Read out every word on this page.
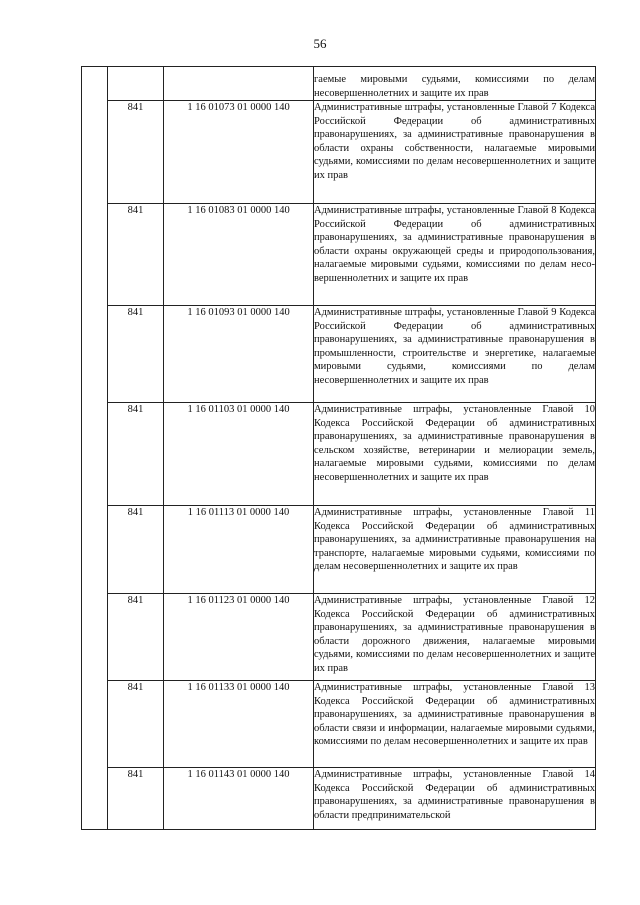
56
			гаемые мировыми судьями, комиссиями по делам несовершеннолетних и защите их прав
	841	1 16 01073 01 0000 140	Административные штрафы, установленные Главой 7 Кодекса Российской Федерации об административных правонарушениях, за административные правонарушения в области охраны собственности, налагаемые мировыми судьями, комиссиями по делам несовершеннолетних и защите их прав
	841	1 16 01083 01 0000 140	Административные штрафы, установленные Главой 8 Кодекса Российской Федерации об административных правонарушениях, за административные правонарушения в области охраны окружающей среды и природопользования, налагаемые мировыми судьями, комиссиями по делам несовершеннолетних и защите их прав
	841	1 16 01093 01 0000 140	Административные штрафы, установленные Главой 9 Кодекса Российской Федерации об административных правонарушениях, за административные правонарушения в промышленности, строительстве и энергетике, налагаемые мировыми судьями, комиссиями по делам несовершеннолетних и защите их прав
	841	1 16 01103 01 0000 140	Административные штрафы, установленные Главой 10 Кодекса Российской Федерации об административных правонарушениях, за административные правонарушения в сельском хозяйстве, ветеринарии и мелиорации земель, налагаемые мировыми судьями, комиссиями по делам несовершеннолетних и защите их прав
	841	1 16 01113 01 0000 140	Административные штрафы, установленные Главой 11 Кодекса Российской Федерации об административных правонарушениях, за административные правонарушения на транспорте, налагаемые мировыми судьями, комиссиями по делам несовершеннолетних и защите их прав
	841	1 16 01123 01 0000 140	Административные штрафы, установленные Главой 12 Кодекса Российской Федерации об административных правонарушениях, за административные правонарушения в области дорожного движения, налагаемые мировыми судьями, комиссиями по делам несовершеннолетних и защите их прав
	841	1 16 01133 01 0000 140	Административные штрафы, установленные Главой 13 Кодекса Российской Федерации об административных правонарушениях, за административные правонарушения в области связи и информации, налагаемые мировыми судьями, комиссиями по делам несовершеннолетних и защите их прав
	841	1 16 01143 01 0000 140	Административные штрафы, установленные Главой 14 Кодекса Российской Федерации об административных правонарушениях, за административные правонарушения в области предпринимательской
